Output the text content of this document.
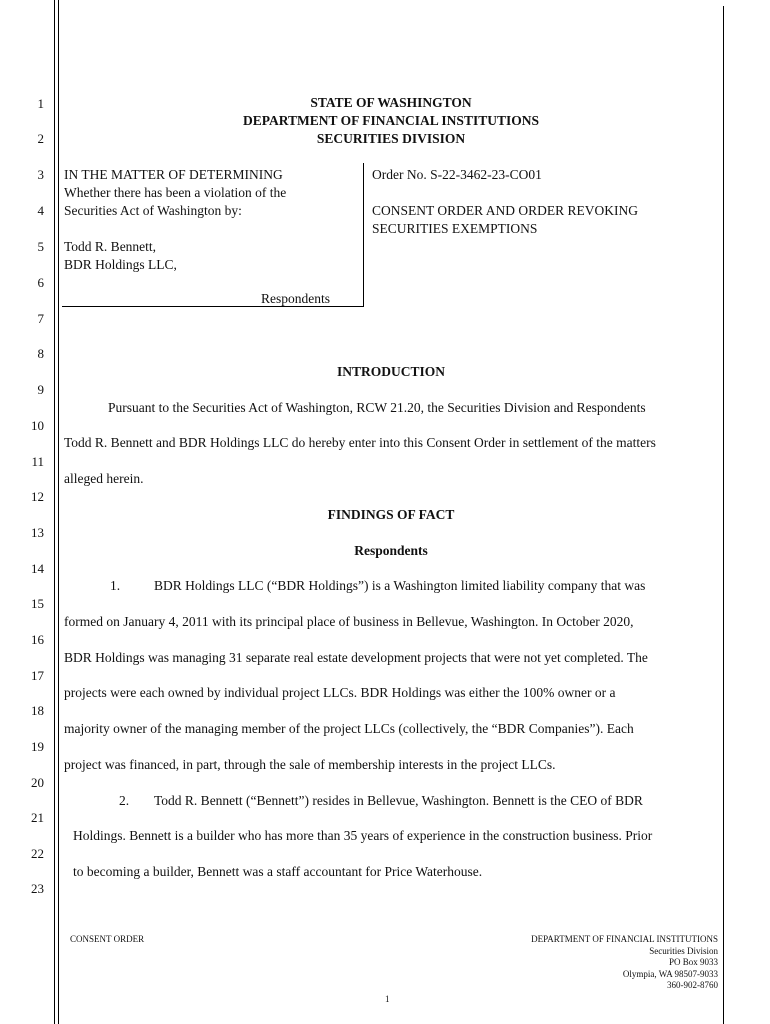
1
2
3
4
5
6
7
8
9
10
11
12
13
14
15
16
17
18
19
20
21
22
23
STATE OF WASHINGTON
DEPARTMENT OF FINANCIAL INSTITUTIONS
SECURITIES DIVISION
IN THE MATTER OF DETERMINING
Whether there has been a violation of the
Securities Act of Washington by:
Todd R. Bennett,
BDR Holdings LLC,
Respondents
Order No. S-22-3462-23-CO01
CONSENT ORDER AND ORDER REVOKING
SECURITIES EXEMPTIONS
INTRODUCTION
Pursuant to the Securities Act of Washington, RCW 21.20, the Securities Division and Respondents
Todd R. Bennett and BDR Holdings LLC do hereby enter into this Consent Order in settlement of the matters
alleged herein.
FINDINGS OF FACT
Respondents
1.	BDR Holdings LLC (“BDR Holdings”) is a Washington limited liability company that was
formed on January 4, 2011 with its principal place of business in Bellevue, Washington. In October 2020,
BDR Holdings was managing 31 separate real estate development projects that were not yet completed. The
projects were each owned by individual project LLCs. BDR Holdings was either the 100% owner or a
majority owner of the managing member of the project LLCs (collectively, the “BDR Companies”). Each
project was financed, in part, through the sale of membership interests in the project LLCs.
2. Todd R. Bennett (“Bennett”) resides in Bellevue, Washington. Bennett is the CEO of BDR
Holdings. Bennett is a builder who has more than 35 years of experience in the construction business. Prior
to becoming a builder, Bennett was a staff accountant for Price Waterhouse.
CONSENT ORDER	DEPARTMENT OF FINANCIAL INSTITUTIONS
Securities Division
PO Box 9033
Olympia, WA 98507-9033
360-902-8760
1
